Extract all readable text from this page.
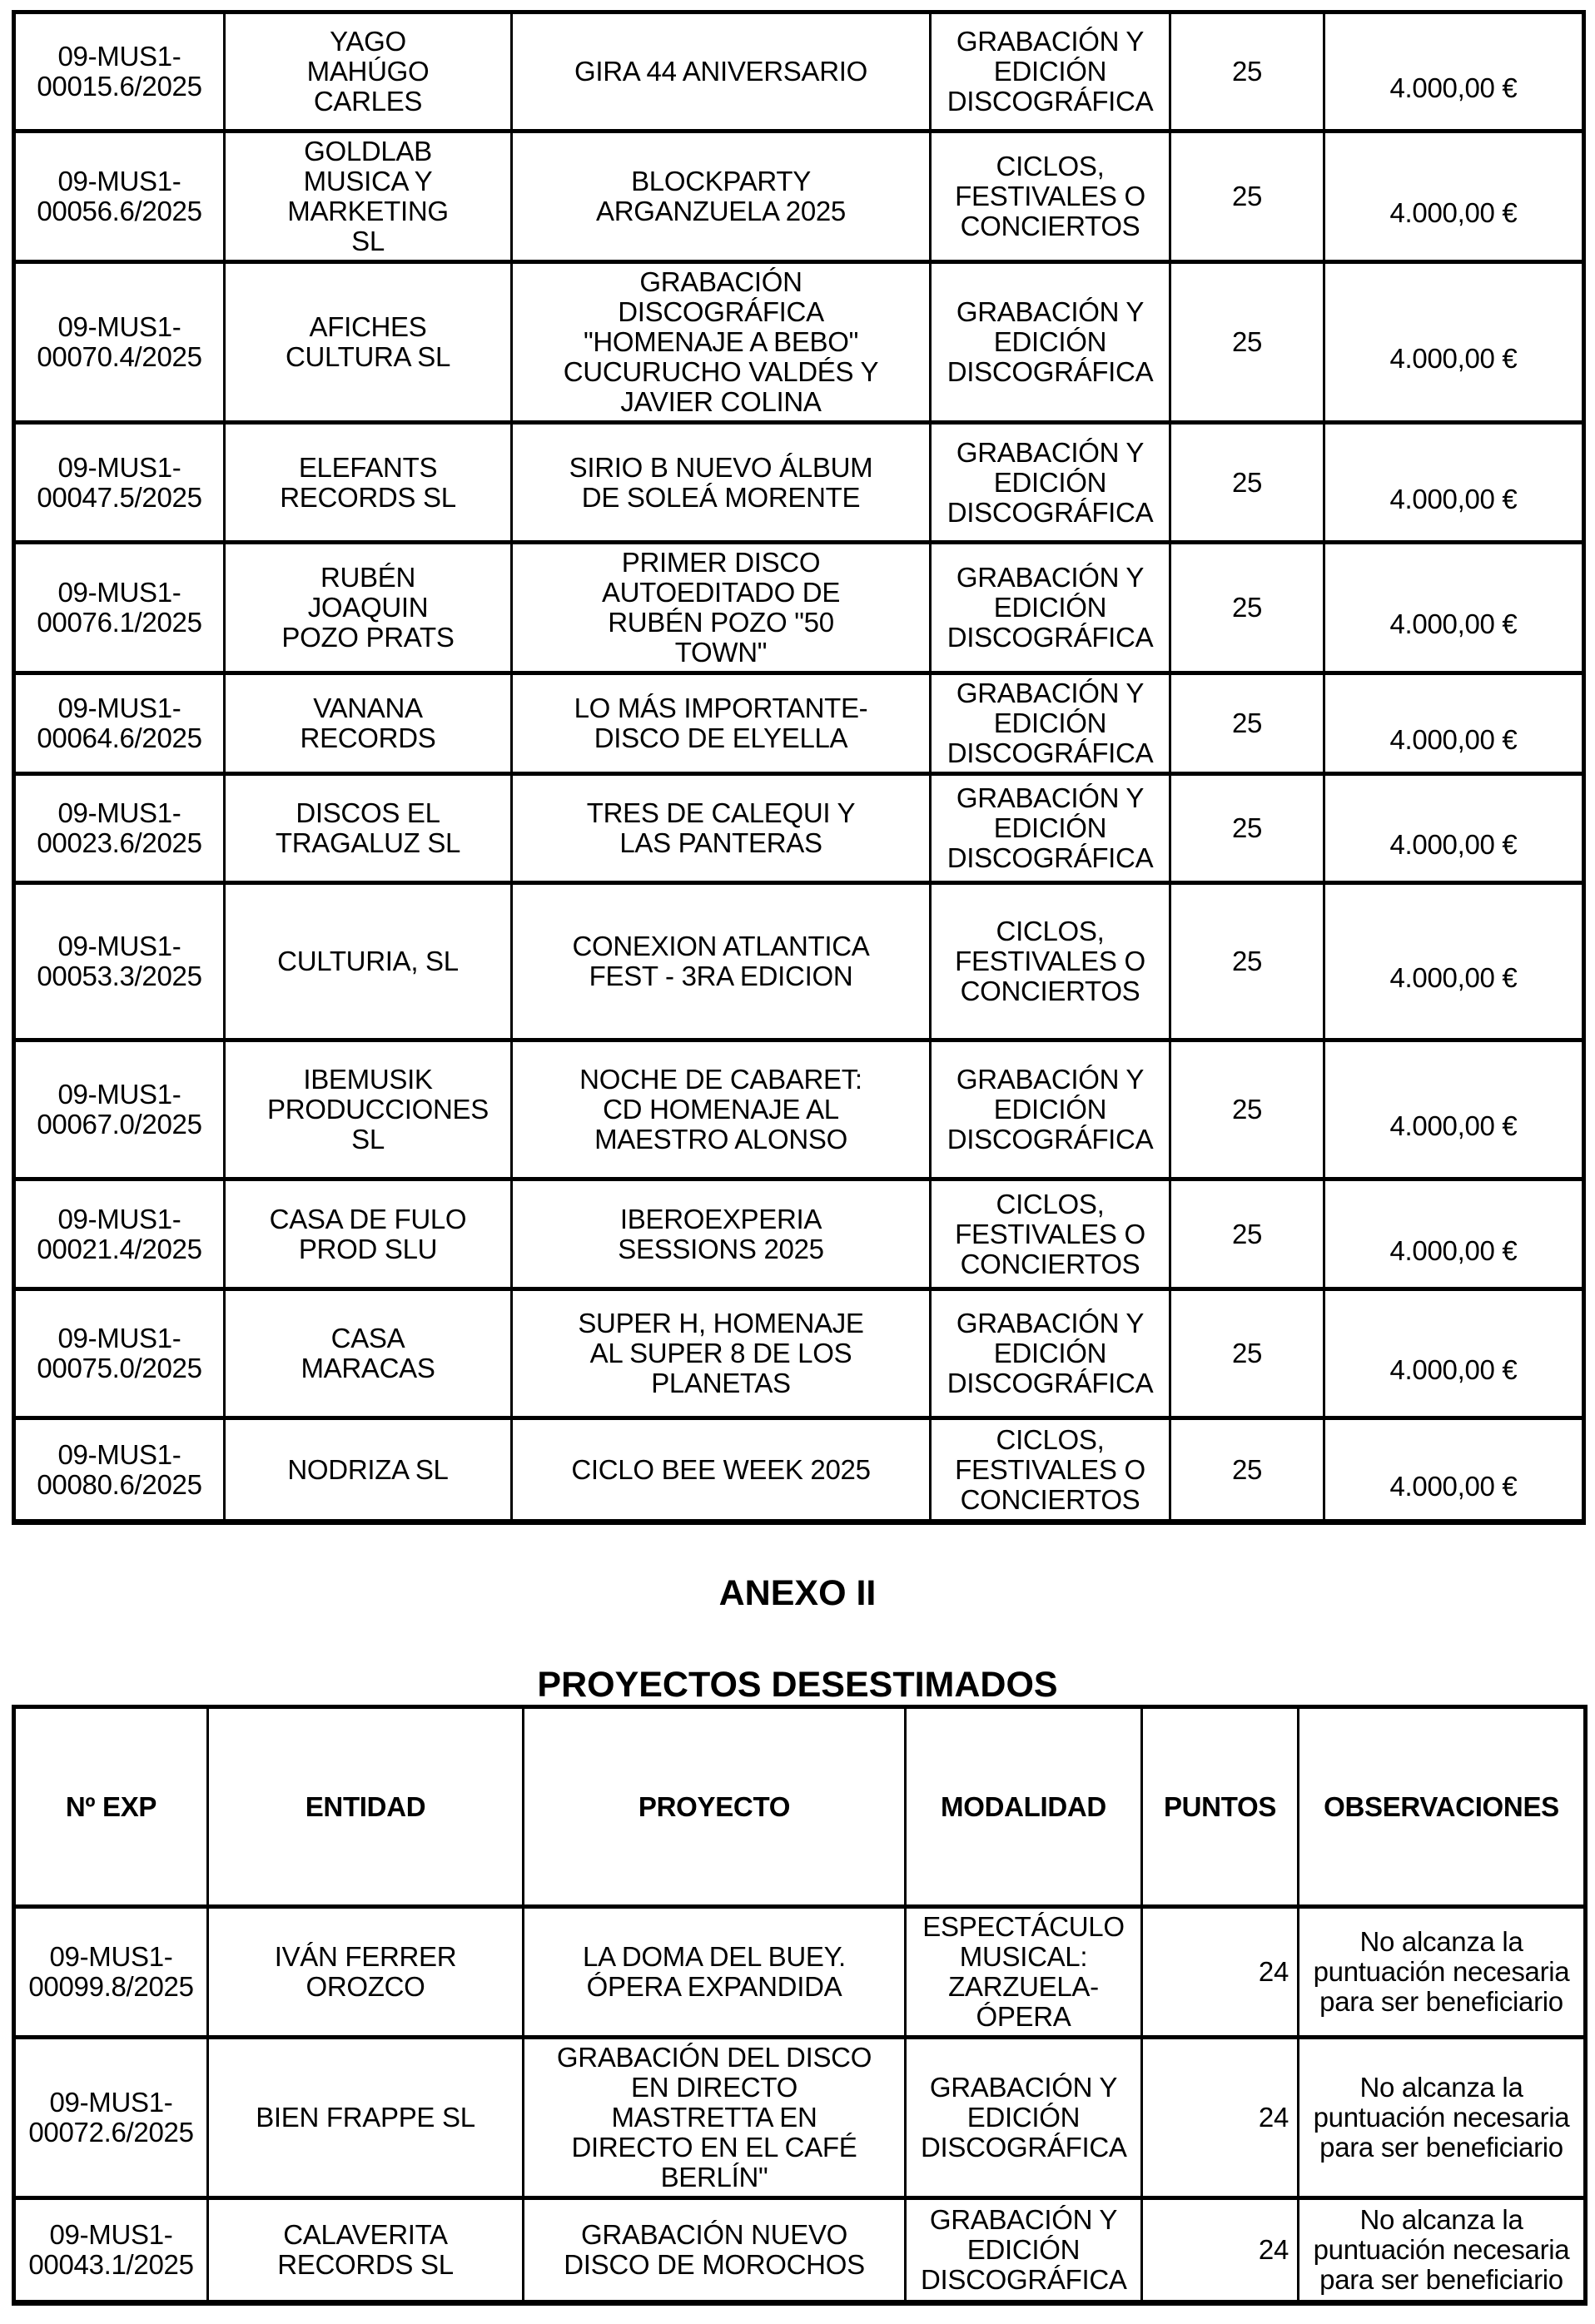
09-MUS1-00015.6/2025	YAGO MAHÚGO CARLES	GIRA 44 ANIVERSARIO	GRABACIÓN Y EDICIÓN DISCOGRÁFICA	25	4.000,00 €
09-MUS1-00056.6/2025	GOLDLAB MUSICA Y MARKETING SL	BLOCKPARTY ARGANZUELA 2025	CICLOS, FESTIVALES O CONCIERTOS	25	4.000,00 €
09-MUS1-00070.4/2025	AFICHES CULTURA SL	GRABACIÓN DISCOGRÁFICA "HOMENAJE A BEBO" CUCURUCHO VALDÉS Y JAVIER COLINA	GRABACIÓN Y EDICIÓN DISCOGRÁFICA	25	4.000,00 €
09-MUS1-00047.5/2025	ELEFANTS RECORDS SL	SIRIO B NUEVO ÁLBUM DE SOLEÁ MORENTE	GRABACIÓN Y EDICIÓN DISCOGRÁFICA	25	4.000,00 €
09-MUS1-00076.1/2025	RUBÉN JOAQUIN POZO PRATS	PRIMER DISCO AUTOEDITADO DE RUBÉN POZO "50 TOWN"	GRABACIÓN Y EDICIÓN DISCOGRÁFICA	25	4.000,00 €
09-MUS1-00064.6/2025	VANANA RECORDS	LO MÁS IMPORTANTE- DISCO DE ELYELLA	GRABACIÓN Y EDICIÓN DISCOGRÁFICA	25	4.000,00 €
09-MUS1-00023.6/2025	DISCOS EL TRAGALUZ SL	TRES DE CALEQUI Y LAS PANTERAS	GRABACIÓN Y EDICIÓN DISCOGRÁFICA	25	4.000,00 €
09-MUS1-00053.3/2025	CULTURIA, SL	CONEXION ATLANTICA FEST - 3RA EDICION	CICLOS, FESTIVALES O CONCIERTOS	25	4.000,00 €
09-MUS1-00067.0/2025	IBEMUSIK PRODUCCIONES SL	NOCHE DE CABARET: CD HOMENAJE AL MAESTRO ALONSO	GRABACIÓN Y EDICIÓN DISCOGRÁFICA	25	4.000,00 €
09-MUS1-00021.4/2025	CASA DE FULO PROD SLU	IBEROEXPERIA SESSIONS 2025	CICLOS, FESTIVALES O CONCIERTOS	25	4.000,00 €
09-MUS1-00075.0/2025	CASA MARACAS	SUPER H, HOMENAJE AL SUPER 8 DE LOS PLANETAS	GRABACIÓN Y EDICIÓN DISCOGRÁFICA	25	4.000,00 €
09-MUS1-00080.6/2025	NODRIZA SL	CICLO BEE WEEK 2025	CICLOS, FESTIVALES O CONCIERTOS	25	4.000,00 €
ANEXO II
PROYECTOS DESESTIMADOS
Nº EXP	ENTIDAD	PROYECTO	MODALIDAD	PUNTOS	OBSERVACIONES
09-MUS1-00099.8/2025	IVÁN FERRER OROZCO	LA DOMA DEL BUEY. ÓPERA EXPANDIDA	ESPECTÁCULO MUSICAL: ZARZUELA-ÓPERA	24	No alcanza la puntuación necesaria para ser beneficiario
09-MUS1-00072.6/2025	BIEN FRAPPE SL	GRABACIÓN DEL DISCO EN DIRECTO MASTRETTA EN DIRECTO EN EL CAFÉ BERLÍN"	GRABACIÓN Y EDICIÓN DISCOGRÁFICA	24	No alcanza la puntuación necesaria para ser beneficiario
09-MUS1-00043.1/2025	CALAVERITA RECORDS SL	GRABACIÓN NUEVO DISCO DE MOROCHOS	GRABACIÓN Y EDICIÓN DISCOGRÁFICA	24	No alcanza la puntuación necesaria para ser beneficiario
